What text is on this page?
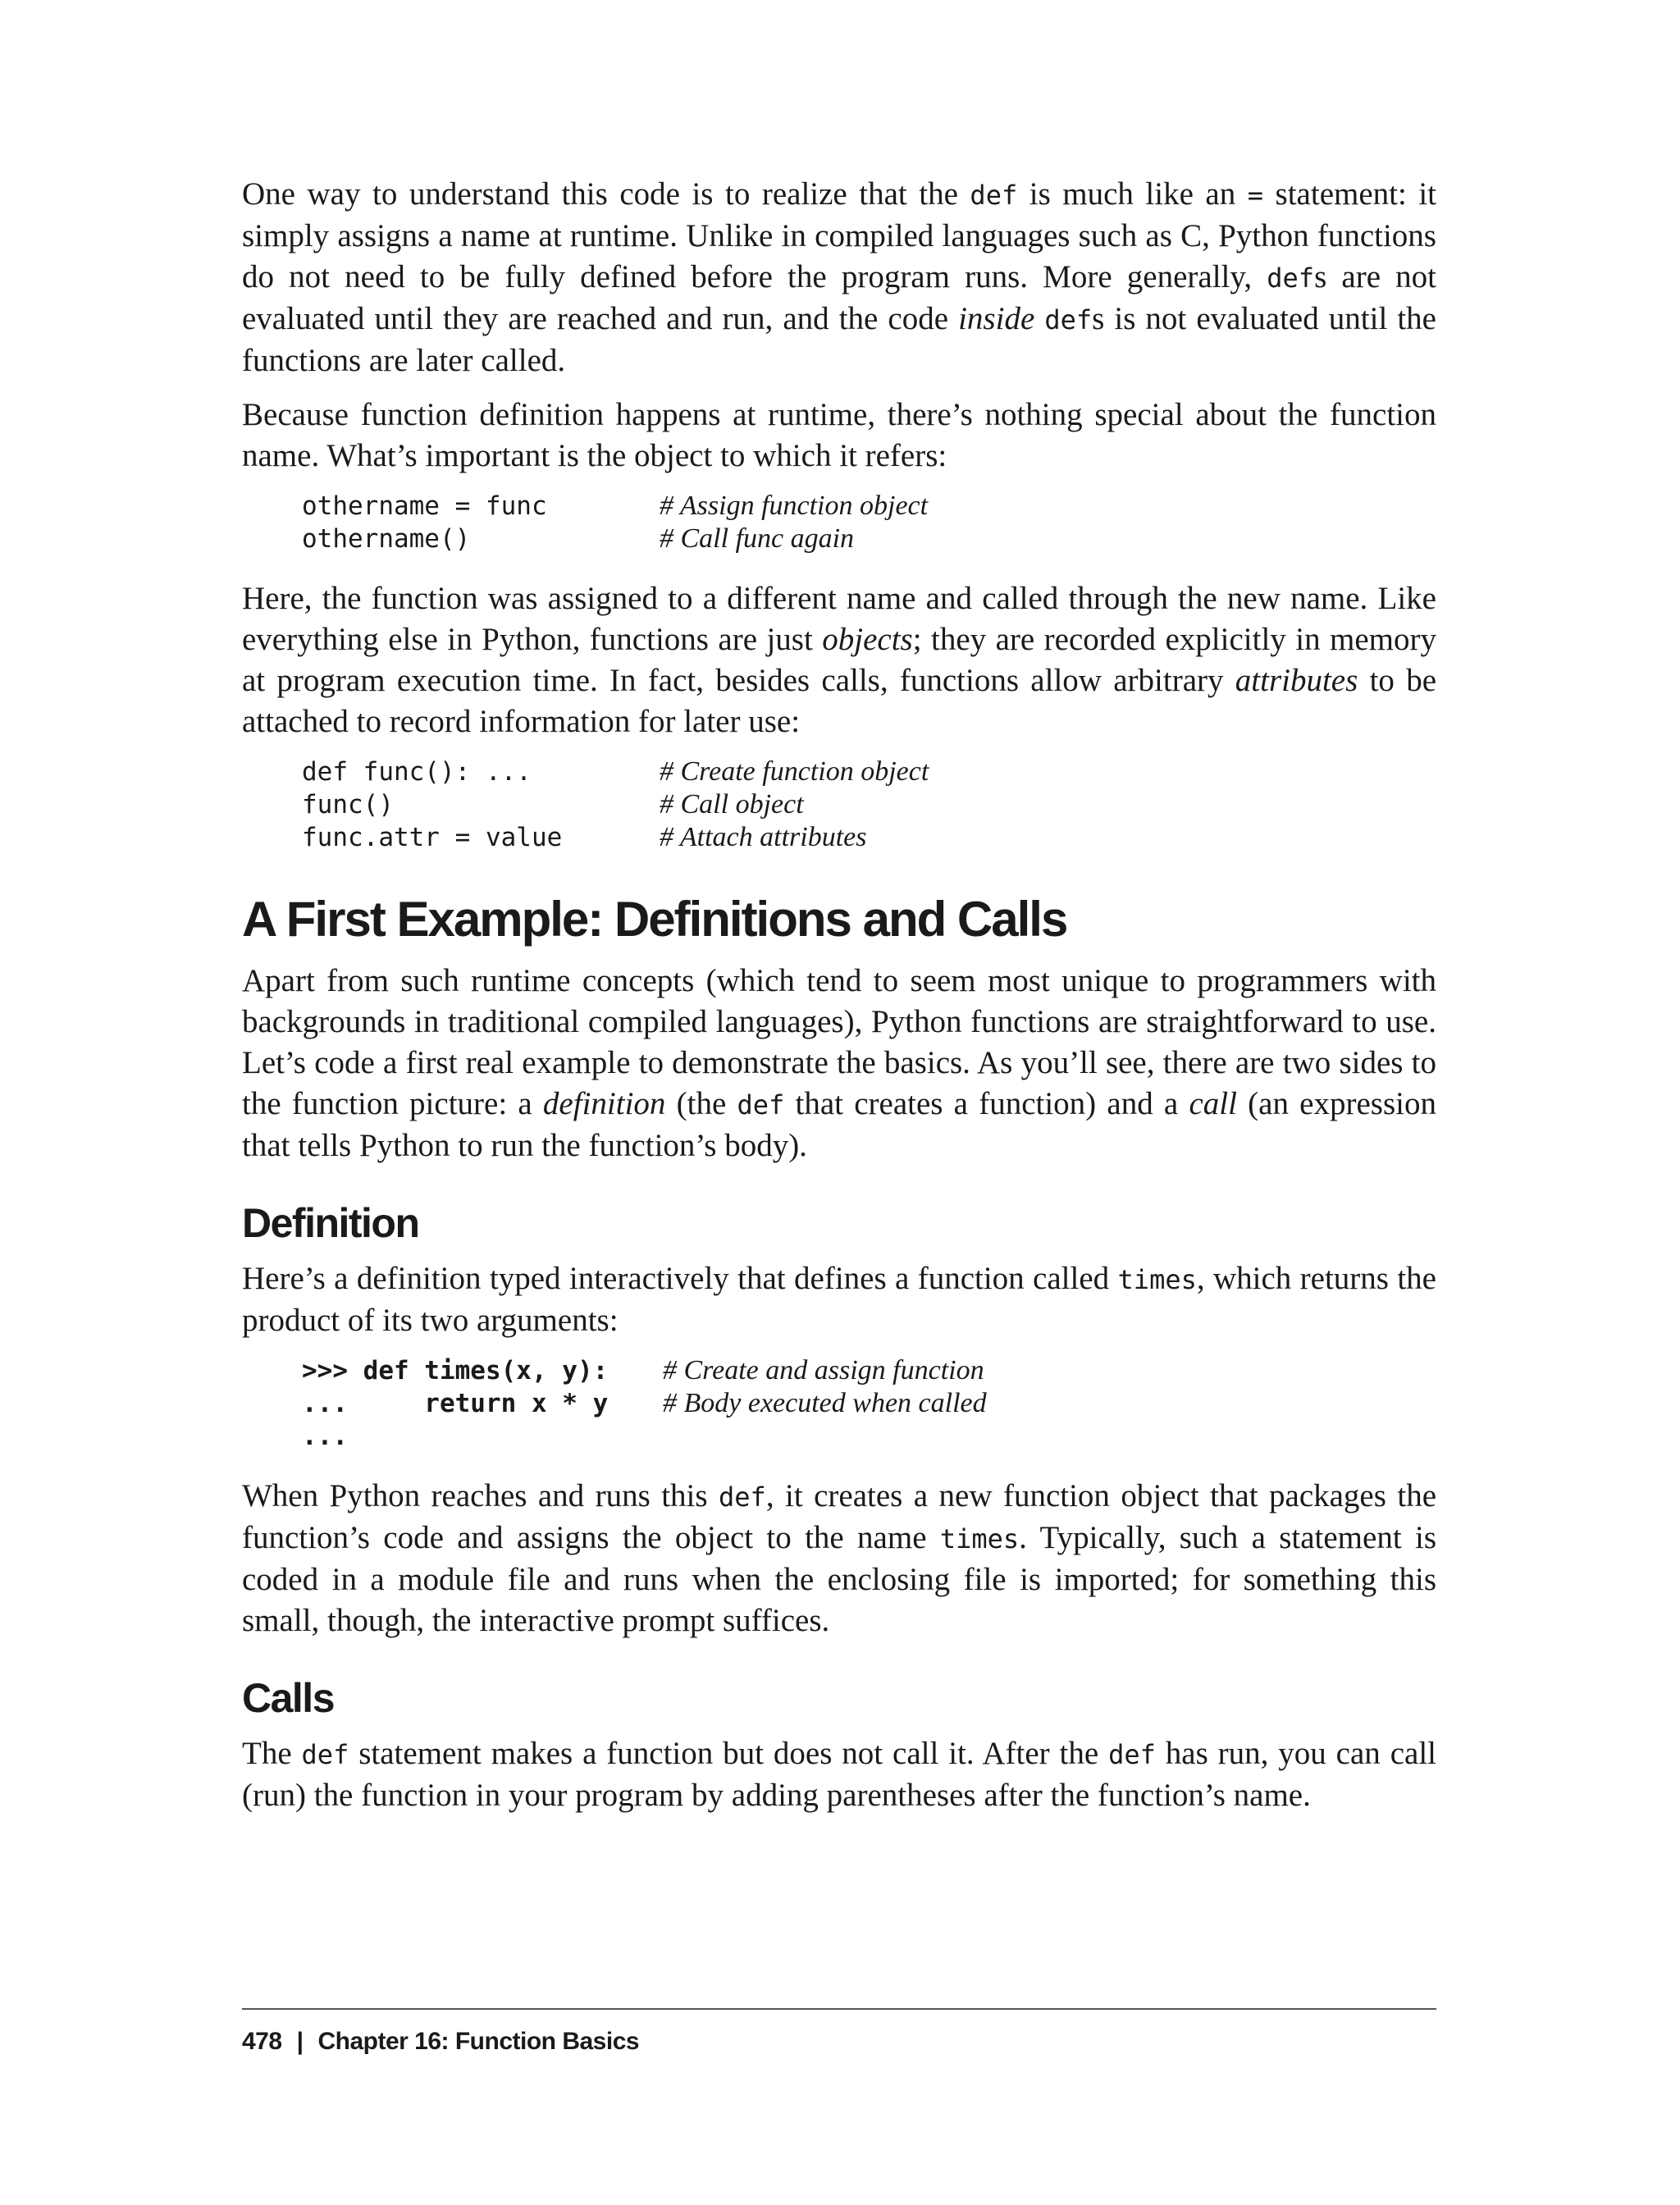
One way to understand this code is to realize that the def is much like an = statement: it simply assigns a name at runtime. Unlike in compiled languages such as C, Python functions do not need to be fully defined before the program runs. More generally, defs are not evaluated until they are reached and run, and the code inside defs is not evaluated until the functions are later called.

Because function definition happens at runtime, there’s nothing special about the function name. What’s important is the object to which it refers:

othername = func	# Assign function object
othername()	# Call func again

Here, the function was assigned to a different name and called through the new name. Like everything else in Python, functions are just objects; they are recorded explicitly in memory at program execution time. In fact, besides calls, functions allow arbitrary attributes to be attached to record information for later use:

def func(): ...	# Create function object
func()	# Call object
func.attr = value	# Attach attributes
A First Example: Definitions and Calls

Apart from such runtime concepts (which tend to seem most unique to programmers with backgrounds in traditional compiled languages), Python functions are straightforward to use. Let’s code a first real example to demonstrate the basics. As you’ll see, there are two sides to the function picture: a definition (the def that creates a function) and a call (an expression that tells Python to run the function’s body).

Definition

Here’s a definition typed interactively that defines a function called times, which returns the product of its two arguments:

>>> def times(x, y):	# Create and assign function
...     return x * y	# Body executed when called
...

When Python reaches and runs this def, it creates a new function object that packages the function’s code and assigns the object to the name times. Typically, such a statement is coded in a module file and runs when the enclosing file is imported; for something this small, though, the interactive prompt suffices.

Calls

The def statement makes a function but does not call it. After the def has run, you can call (run) the function in your program by adding parentheses after the function’s name.

478 | Chapter 16: Function Basics
